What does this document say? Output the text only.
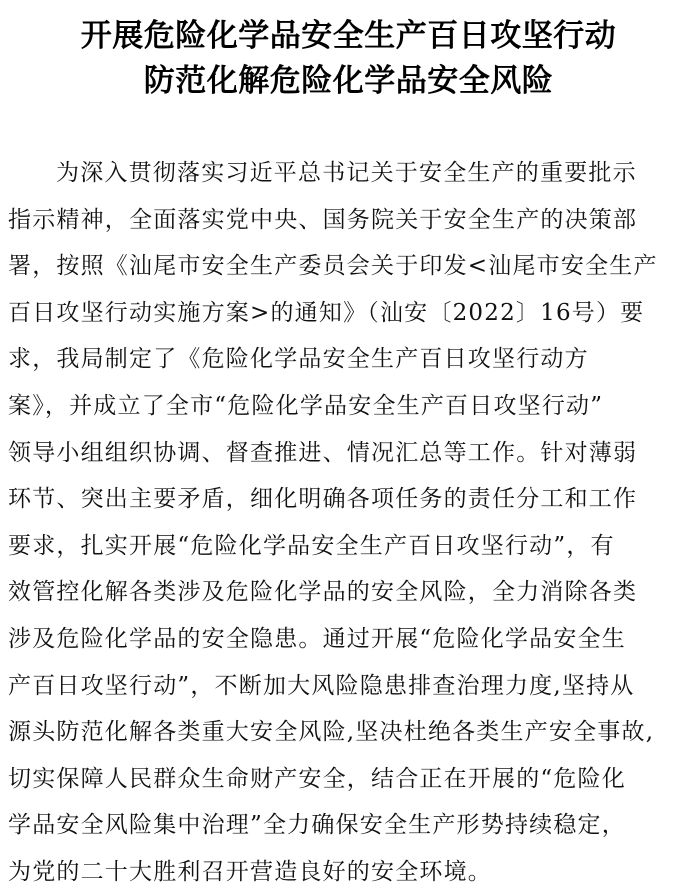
开展危险化学品安全生产百日攻坚行动
防范化解危险化学品安全风险
为深入贯彻落实习近平总书记关于安全生产的重要批示
指示精神，全面落实党中央、国务院关于安全生产的决策部
署，按照《汕尾市安全生产委员会关于印发<汕尾市安全生产
百日攻坚行动实施方案>的通知》（汕安〔2022〕16号）要
求，我局制定了《危险化学品安全生产百日攻坚行动方
案》，并成立了全市“危险化学品安全生产百日攻坚行动”
领导小组组织协调、督查推进、情况汇总等工作。针对薄弱
环节、突出主要矛盾，细化明确各项任务的责任分工和工作
要求，扎实开展“危险化学品安全生产百日攻坚行动”，有
效管控化解各类涉及危险化学品的安全风险，全力消除各类
涉及危险化学品的安全隐患。通过开展“危险化学品安全生
产百日攻坚行动”，不断加大风险隐患排查治理力度,坚持从
源头防范化解各类重大安全风险,坚决杜绝各类生产安全事故,
切实保障人民群众生命财产安全，结合正在开展的“危险化
学品安全风险集中治理”全力确保安全生产形势持续稳定，
为党的二十大胜利召开营造良好的安全环境。
